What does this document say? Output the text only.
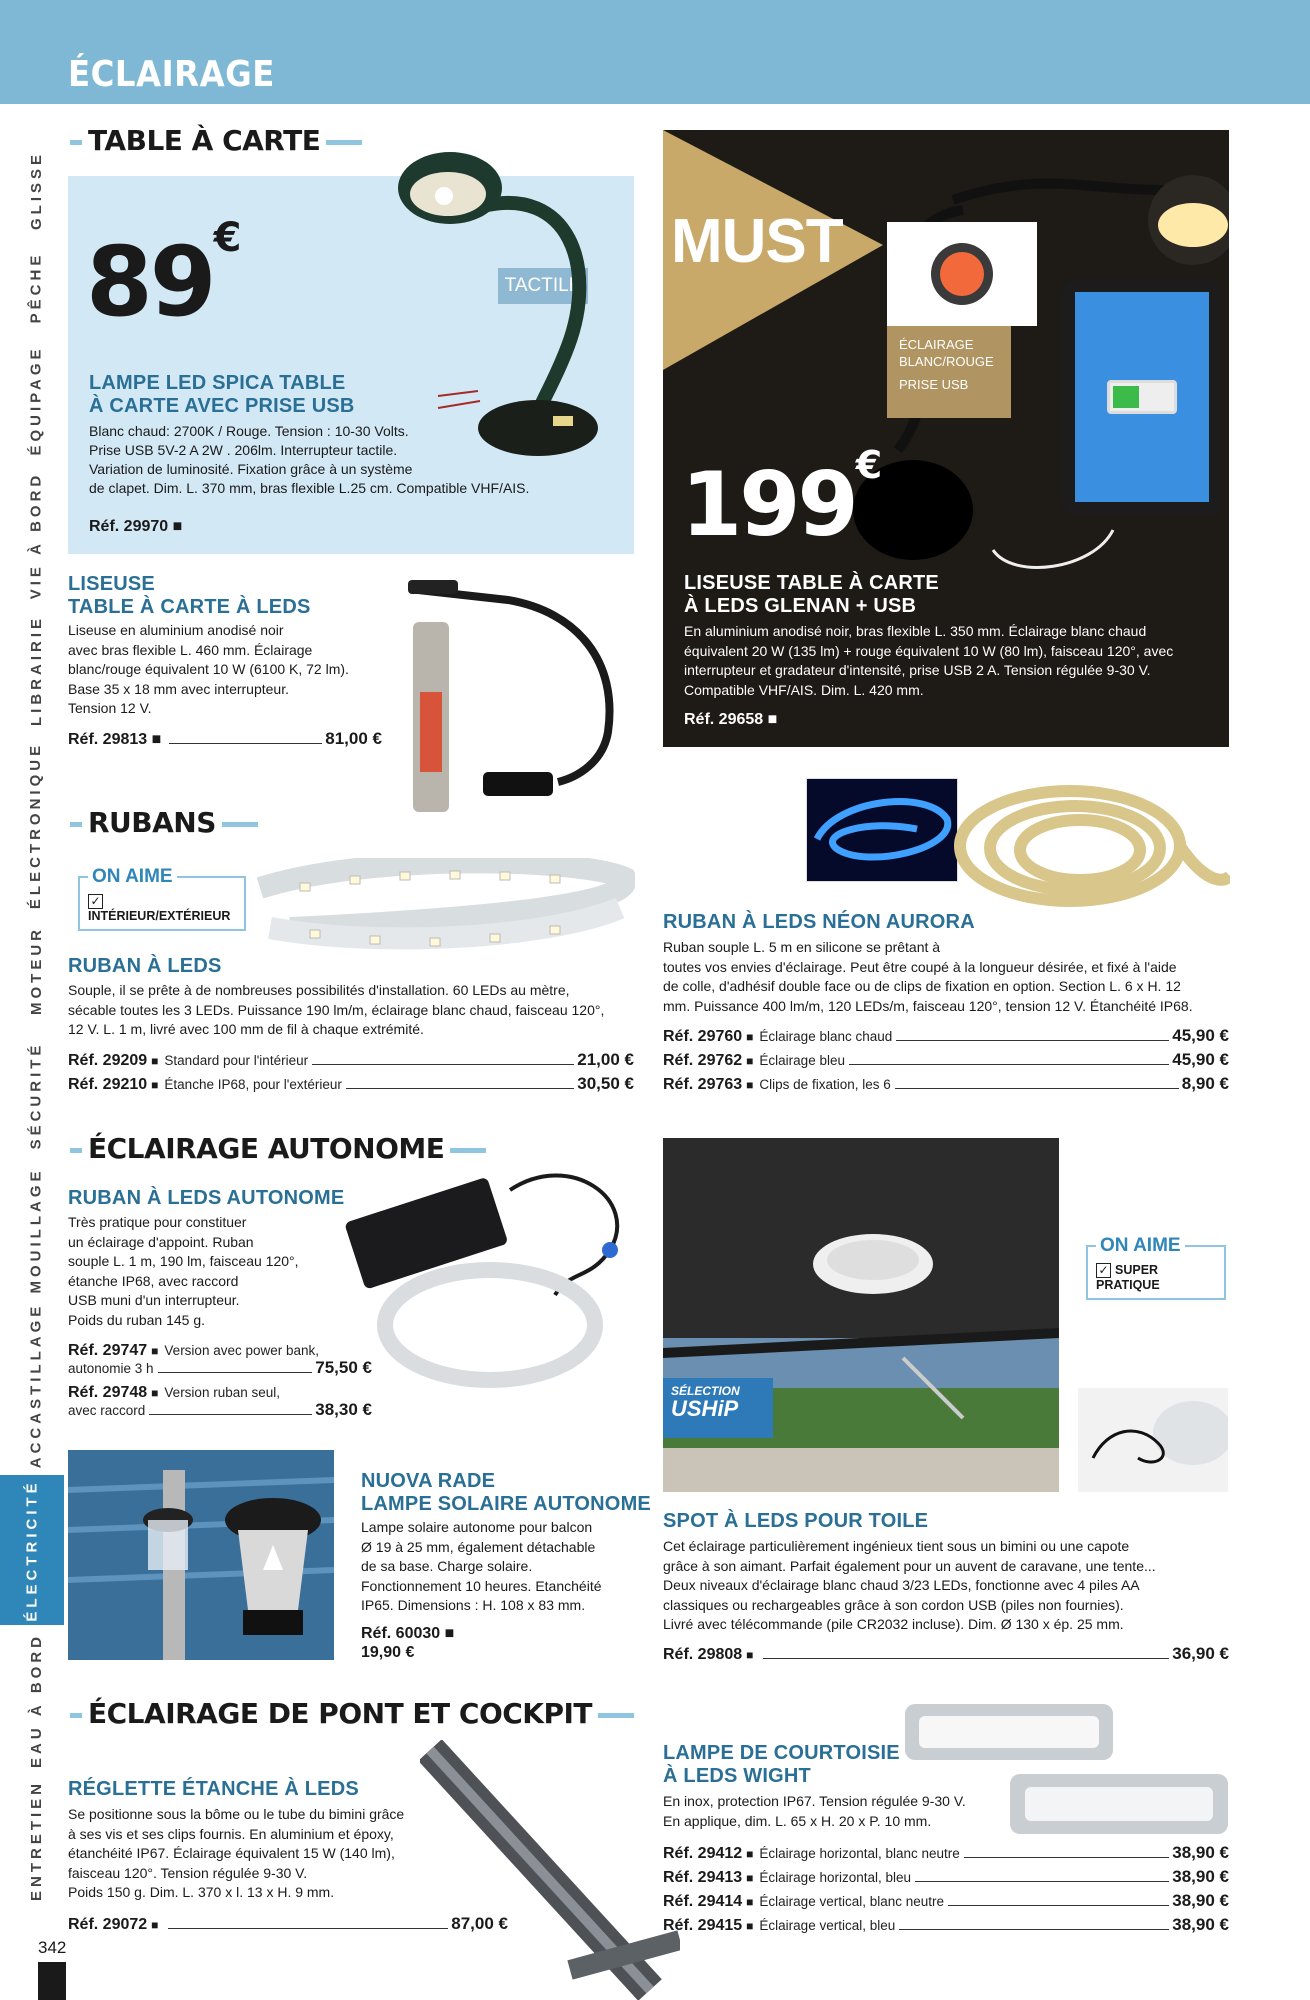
ÉCLAIRAGE
GLISSE
PÊCHE
ÉQUIPAGE
VIE À BORD
LIBRAIRIE
ÉLECTRONIQUE
MOTEUR
SÉCURITÉ
MOUILLAGE
ACCASTILLAGE
ÉLECTRICITÉ
EAU À BORD
ENTRETIEN
342
TABLE À CARTE
89€
TACTILE
LAMPE LED SPICA TABLE
À CARTE AVEC PRISE USB
Blanc chaud: 2700K / Rouge. Tension : 10-30 Volts.
Prise USB 5V-2 A 2W . 206lm. Interrupteur tactile.
Variation de luminosité. Fixation grâce à un système
de clapet. Dim. L. 370 mm, bras flexible L.25 cm. Compatible VHF/AIS.
Réf. 29970 ■
MUST
ÉCLAIRAGE
BLANC/ROUGE
PRISE USB
199€
LISEUSE TABLE À CARTE
À LEDS GLENAN + USB
En aluminium anodisé noir, bras flexible L. 350 mm. Éclairage blanc chaud
équivalent 20 W (135 lm) + rouge équivalent 10 W (80 lm), faisceau 120°, avec
interrupteur et gradateur d'intensité, prise USB 2 A. Tension régulée 9-30 V.
Compatible VHF/AIS. Dim. L. 420 mm.
Réf. 29658 ■
LISEUSE
TABLE À CARTE À LEDS
Liseuse en aluminium anodisé noir
avec bras flexible L. 460 mm. Éclairage
blanc/rouge équivalent 10 W (6100 K, 72 lm).
Base 35 x 18 mm avec interrupteur.
Tension 12 V.
Réf. 29813 ■	81,00 €
RUBANS
ON AIME
✓INTÉRIEUR/EXTÉRIEUR
RUBAN À LEDS
Souple, il se prête à de nombreuses possibilités d'installation. 60 LEDs au mètre,
sécable toutes les 3 LEDs. Puissance 190 lm/m, éclairage blanc chaud, faisceau 120°,
12 V. L. 1 m, livré avec 100 mm de fil à chaque extrémité.
Réf. 29209 ■ Standard pour l'intérieur	21,00 €
Réf. 29210 ■ Étanche IP68, pour l'extérieur	30,50 €
RUBAN À LEDS NÉON AURORA
Ruban souple L. 5 m en silicone se prêtant à
toutes vos envies d'éclairage. Peut être coupé à la longueur désirée, et fixé à l'aide
de colle, d'adhésif double face ou de clips de fixation en option. Section L. 6 x H. 12
mm. Puissance 400 lm/m, 120 LEDs/m, faisceau 120°, tension 12 V. Étanchéité IP68.
Réf. 29760 ■ Éclairage blanc chaud	45,90 €
Réf. 29762 ■ Éclairage bleu	45,90 €
Réf. 29763 ■ Clips de fixation, les 6	8,90 €
ÉCLAIRAGE AUTONOME
RUBAN À LEDS AUTONOME
Très pratique pour constituer
un éclairage d'appoint. Ruban
souple L. 1 m, 190 lm, faisceau 120°,
étanche IP68, avec raccord
USB muni d'un interrupteur.
Poids du ruban 145 g.
Réf. 29747 ■ Version avec power bank,
autonomie 3 h	75,50 €
Réf. 29748 ■ Version ruban seul,
avec raccord	38,30 €
NUOVA RADE
LAMPE SOLAIRE AUTONOME
Lampe solaire autonome pour balcon
Ø 19 à 25 mm, également détachable
de sa base. Charge solaire.
Fonctionnement 10 heures. Etanchéité
IP65. Dimensions : H. 108 x 83 mm.
Réf. 60030 ■
19,90 €
SÉLECTION
USHiP
ON AIME
✓ SUPER PRATIQUE
SPOT À LEDS POUR TOILE
Cet éclairage particulièrement ingénieux tient sous un bimini ou une capote
grâce à son aimant. Parfait également pour un auvent de caravane, une tente...
Deux niveaux d'éclairage blanc chaud 3/23 LEDs, fonctionne avec 4 piles AA
classiques ou rechargeables grâce à son cordon USB (piles non fournies).
Livré avec télécommande (pile CR2032 incluse). Dim. Ø 130 x ép. 25 mm.
Réf. 29808 ■	36,90 €
ÉCLAIRAGE DE PONT ET COCKPIT
RÉGLETTE ÉTANCHE À LEDS
Se positionne sous la bôme ou le tube du bimini grâce
à ses vis et ses clips fournis. En aluminium et époxy,
étanchéité IP67. Éclairage équivalent 15 W (140 lm),
faisceau 120°. Tension régulée 9-30 V.
Poids 150 g. Dim. L. 370 x l. 13 x H. 9 mm.
Réf. 29072 ■	87,00 €
LAMPE DE COURTOISIE
À LEDS WIGHT
En inox, protection IP67. Tension régulée 9-30 V.
En applique, dim. L. 65 x H. 20 x P. 10 mm.
Réf. 29412 ■ Éclairage horizontal, blanc neutre	38,90 €
Réf. 29413 ■ Éclairage horizontal, bleu	38,90 €
Réf. 29414 ■ Éclairage vertical, blanc neutre	38,90 €
Réf. 29415 ■ Éclairage vertical, bleu	38,90 €
